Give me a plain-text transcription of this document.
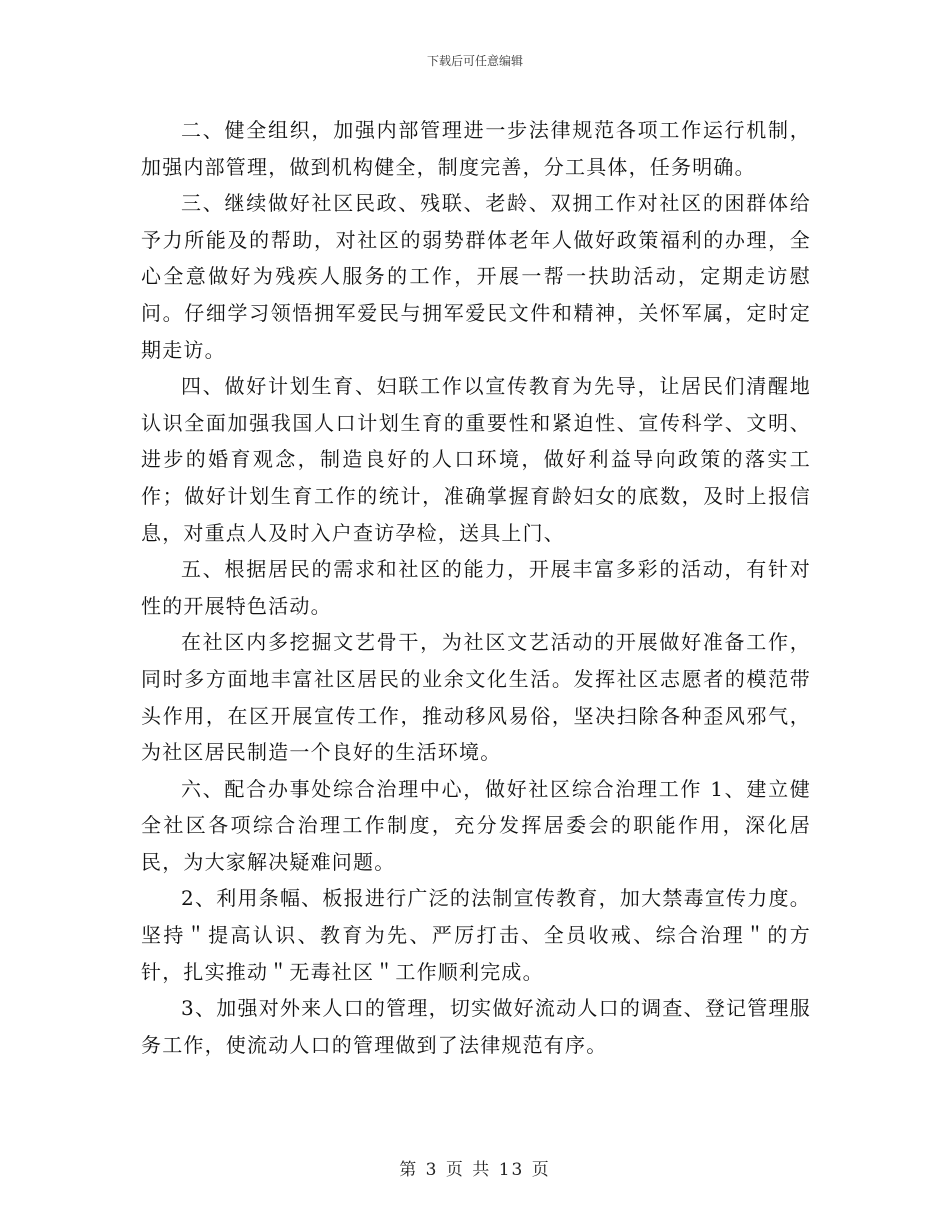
下载后可任意编辑

二、健全组织，加强内部管理进一步法律规范各项工作运行机制，加强内部管理，做到机构健全，制度完善，分工具体，任务明确。

三、继续做好社区民政、残联、老龄、双拥工作对社区的困群体给予力所能及的帮助，对社区的弱势群体老年人做好政策福利的办理，全心全意做好为残疾人服务的工作，开展一帮一扶助活动，定期走访慰问。仔细学习领悟拥军爱民与拥军爱民文件和精神，关怀军属，定时定期走访。

四、做好计划生育、妇联工作以宣传教育为先导，让居民们清醒地认识全面加强我国人口计划生育的重要性和紧迫性、宣传科学、文明、进步的婚育观念，制造良好的人口环境，做好利益导向政策的落实工作；做好计划生育工作的统计，准确掌握育龄妇女的底数，及时上报信息，对重点人及时入户查访孕检，送具上门、

五、根据居民的需求和社区的能力，开展丰富多彩的活动，有针对性的开展特色活动。

在社区内多挖掘文艺骨干，为社区文艺活动的开展做好准备工作，同时多方面地丰富社区居民的业余文化生活。发挥社区志愿者的模范带头作用，在区开展宣传工作，推动移风易俗，坚决扫除各种歪风邪气，为社区居民制造一个良好的生活环境。

六、配合办事处综合治理中心，做好社区综合治理工作 1、建立健全社区各项综合治理工作制度，充分发挥居委会的职能作用，深化居民，为大家解决疑难问题。

2、利用条幅、板报进行广泛的法制宣传教育，加大禁毒宣传力度。坚持＂提高认识、教育为先、严厉打击、全员收戒、综合治理＂的方针，扎实推动＂无毒社区＂工作顺利完成。

3、加强对外来人口的管理，切实做好流动人口的调查、登记管理服务工作，使流动人口的管理做到了法律规范有序。

第 3 页 共 13 页
